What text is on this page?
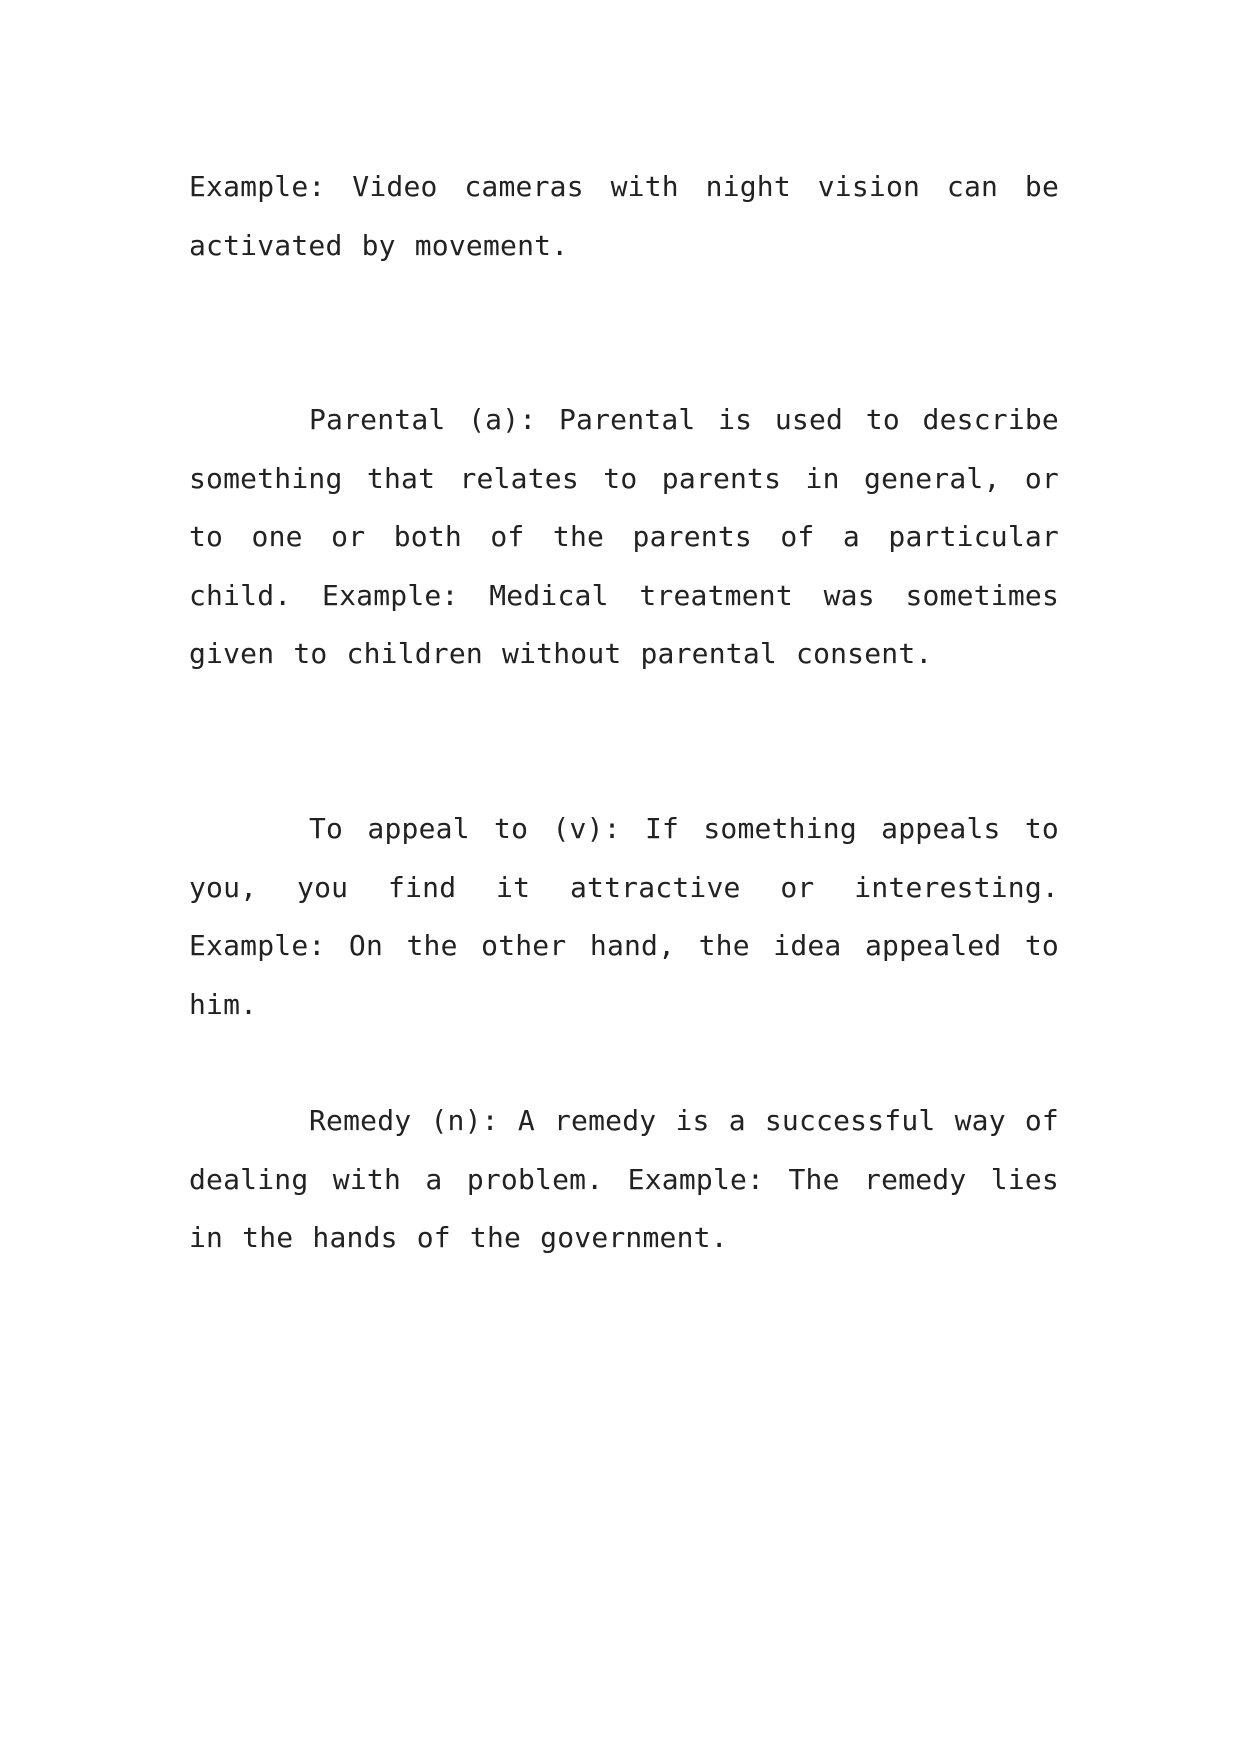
Example: Video cameras with night vision can be activated by movement.

Parental (a): Parental is used to describe something that relates to parents in general, or to one or both of the parents of a particular child. Example: Medical treatment was sometimes given to children without parental consent.

To appeal to (v): If something appeals to you, you find it attractive or interesting. Example: On the other hand, the idea appealed to him.

Remedy (n): A remedy is a successful way of dealing with a problem. Example: The remedy lies in the hands of the government.
